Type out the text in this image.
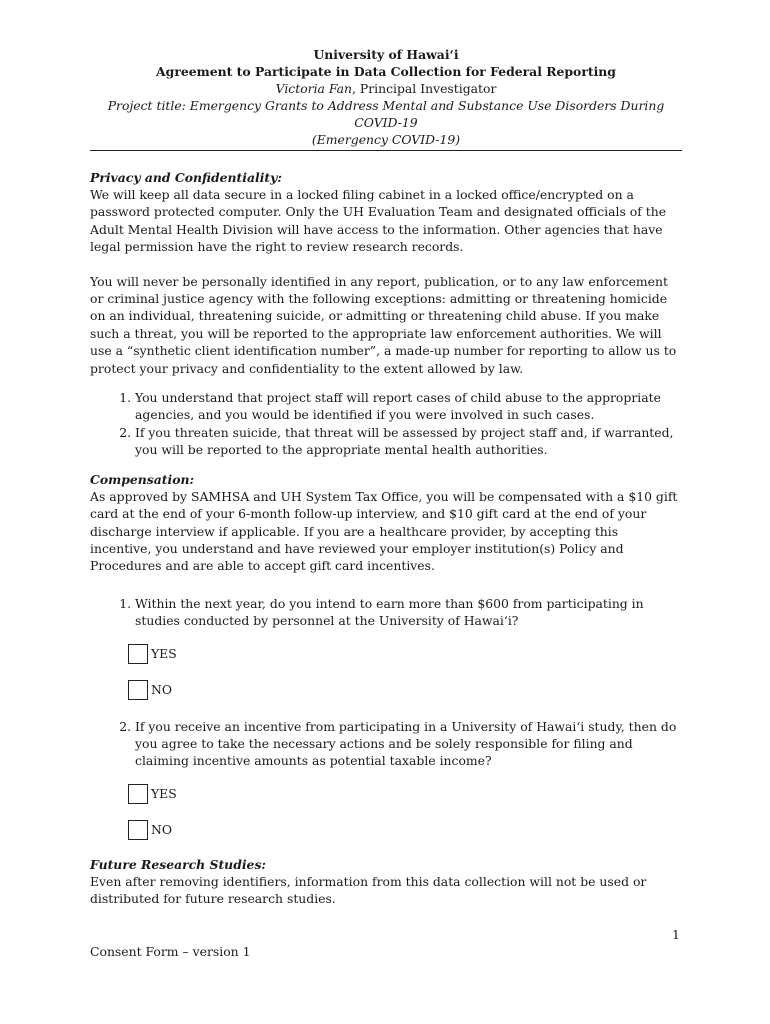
University of Hawaiʻi
Agreement to Participate in Data Collection for Federal Reporting
Victoria Fan, Principal Investigator
Project title: Emergency Grants to Address Mental and Substance Use Disorders During COVID-19
(Emergency COVID-19)
Privacy and Confidentiality:

We will keep all data secure in a locked filing cabinet in a locked office/encrypted on a password protected computer. Only the UH Evaluation Team and designated officials of the Adult Mental Health Division will have access to the information. Other agencies that have legal permission have the right to review research records.

You will never be personally identified in any report, publication, or to any law enforcement or criminal justice agency with the following exceptions: admitting or threatening homicide on an individual, threatening suicide, or admitting or threatening child abuse. If you make such a threat, you will be reported to the appropriate law enforcement authorities. We will use a “synthetic client identification number”, a made-up number for reporting to allow us to protect your privacy and confidentiality to the extent allowed by law.

1. You understand that project staff will report cases of child abuse to the appropriate agencies, and you would be identified if you were involved in such cases.
2. If you threaten suicide, that threat will be assessed by project staff and, if warranted, you will be reported to the appropriate mental health authorities.
Compensation:

As approved by SAMHSA and UH System Tax Office, you will be compensated with a $10 gift card at the end of your 6-month follow-up interview, and $10 gift card at the end of your discharge interview if applicable. If you are a healthcare provider, by accepting this incentive, you understand and have reviewed your employer institution(s) Policy and Procedures and are able to accept gift card incentives.

1. Within the next year, do you intend to earn more than $600 from participating in studies conducted by personnel at the University of Hawaiʻi?
YES
NO
2. If you receive an incentive from participating in a University of Hawaiʻi study, then do you agree to take the necessary actions and be solely responsible for filing and claiming incentive amounts as potential taxable income?
YES
NO
Future Research Studies:

Even after removing identifiers, information from this data collection will not be used or distributed for future research studies.

1
Consent Form – version 1
